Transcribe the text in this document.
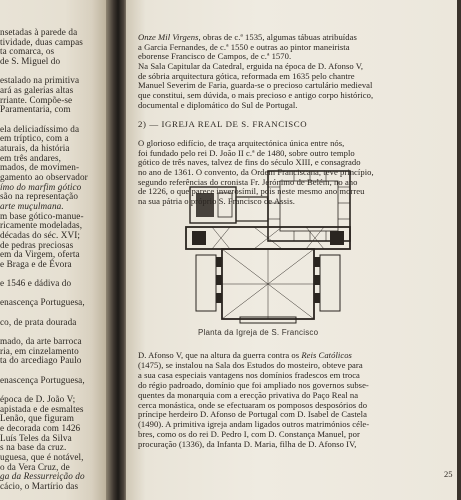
nsetadas à parede da
tividade, duas campas
ta comarca, os
de S. Miguel do
estalado na primitiva
ará as galerias altas
rriante. Compõe-se
Paramentaria, com
ela deliciadíssimo da
em tríptico, com a
aturais, da história
em três andares,
mados, de movimen-
gamento ao observador
ímo do marfim gótico
são na representação
arte muçulmana.
m base gótico-manue-
ricamente modeladas,
décadas do séc. XVI;
de pedras preciosas
em da Virgem, oferta
e Braga e de Évora
e 1546 e dádiva do
enascença Portuguesa,
co, de prata dourada
mado, da arte barroca
ria, em cinzelamento
ta do arcediago Paulo
enascença Portuguesa,
época de D. João V;
apistada e de esmaltes
Lenão, que figuram
e decorada com 1426
Luís Teles da Silva
s na base da cruz.
uguesa, que é notável,
o da Vera Cruz, de
ga da Ressurreição do
cácio, o Martírio das
Planta da Igreja de S. Francisco
25
Onze Mil Virgens, obras de c.ª 1535, algumas tábuas atribuídas
a Garcia Fernandes, de c.ª 1550 e outras ao pintor maneirista
eborense Francisco de Campos, de c.ª 1570.
Na Sala Capitular da Catedral, erguida na época de D. Afonso V,
de sóbria arquitectura gótica, reformada em 1635 pelo chantre
Manuel Severim de Faria, guarda-se o precioso cartulário medieval
que constitui, sem dúvida, o mais precioso e antigo corpo histórico,
documental e diplomático do Sul de Portugal.
2) — IGREJA REAL DE S. FRANCISCO
O glorioso edifício, de traça arquitectónica única entre nós,
foi fundado pelo rei D. João II c.ª de 1480, sobre outro templo
gótico de três naves, talvez de fins do século XIII, e consagrado
no ano de 1361. O convento, da Ordem Franciscana, teve princípio,
segundo referências do cronista Fr. Jerónimo de Belém, no ano
de 1226, o que parece inverosímil, pois neste mesmo ano morreu
na sua pátria o próprio S. Francisco de Assis.
D. Afonso V, que na altura da guerra contra os Reis Católicos
(1475), se instalou na Sala dos Estudos do mosteiro, obteve para
a sua casa especiais vantagens nos domínios fradescos em troca
do régio padroado, domínio que foi ampliado nos governos subse-
quentes da monarquia com a erecção privativa do Paço Real na
cerca monástica, onde se efectuaram os pomposos desposórios do
príncipe herdeiro D. Afonso de Portugal com D. Isabel de Castela
(1490). A primitiva igreja andam ligados outros matrimónios céle-
bres, como os do rei D. Pedro I, com D. Constança Manuel, por
procuração (1336), da Infanta D. Maria, filha de D. Afonso IV,
